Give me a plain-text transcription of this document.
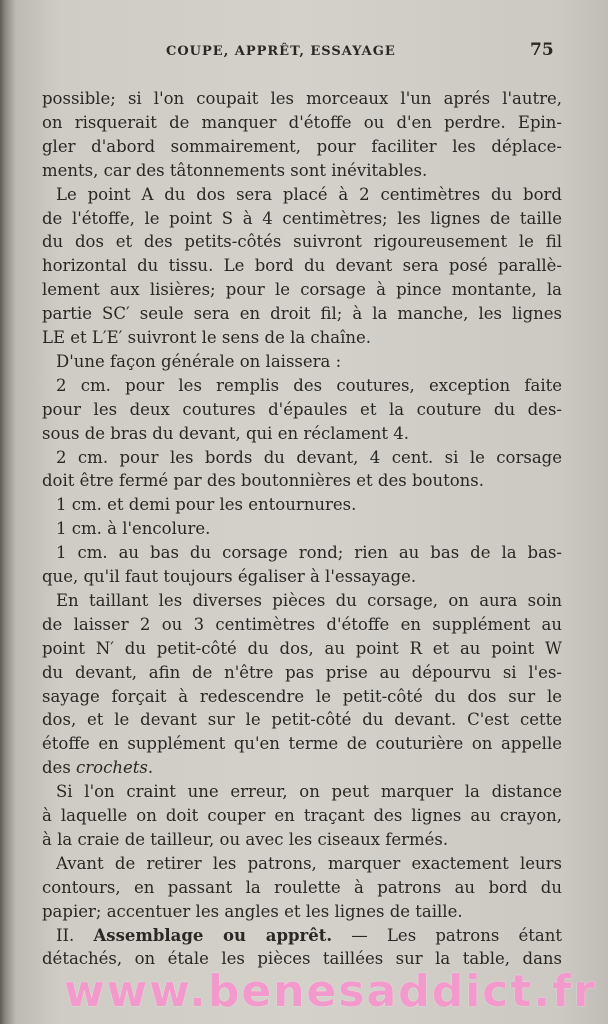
COUPE, APPRÊT, ESSAYAGE	75
possible; si l'on coupait les morceaux l'un aprés l'autre,
on risquerait de manquer d'étoffe ou d'en perdre. Epin-
gler d'abord sommairement, pour faciliter les déplace-
ments, car des tâtonnements sont inévitables.
Le point A du dos sera placé à 2 centimètres du bord
de l'étoffe, le point S à 4 centimètres; les lignes de taille
du dos et des petits-côtés suivront rigoureusement le fil
horizontal du tissu. Le bord du devant sera posé parallè-
lement aux lisières; pour le corsage à pince montante, la
partie SC′ seule sera en droit fil; à la manche, les lignes
LE et L′E′ suivront le sens de la chaîne.
D'une façon générale on laissera :
2 cm. pour les remplis des coutures, exception faite
pour les deux coutures d'épaules et la couture du des-
sous de bras du devant, qui en réclament 4.
2 cm. pour les bords du devant, 4 cent. si le corsage
doit être fermé par des boutonnières et des boutons.
1 cm. et demi pour les entournures.
1 cm. à l'encolure.
1 cm. au bas du corsage rond; rien au bas de la bas-
que, qu'il faut toujours égaliser à l'essayage.
En taillant les diverses pièces du corsage, on aura soin
de laisser 2 ou 3 centimètres d'étoffe en supplément au
point N′ du petit-côté du dos, au point R et au point W
du devant, afin de n'être pas prise au dépourvu si l'es-
sayage forçait à redescendre le petit-côté du dos sur le
dos, et le devant sur le petit-côté du devant. C'est cette
étoffe en supplément qu'en terme de couturière on appelle
des crochets.
Si l'on craint une erreur, on peut marquer la distance
à laquelle on doit couper en traçant des lignes au crayon,
à la craie de tailleur, ou avec les ciseaux fermés.
Avant de retirer les patrons, marquer exactement leurs
contours, en passant la roulette à patrons au bord du
papier; accentuer les angles et les lignes de taille.
II. Assemblage ou apprêt. — Les patrons étant
détachés, on étale les pièces taillées sur la table, dans
www.benesaddict.fr
